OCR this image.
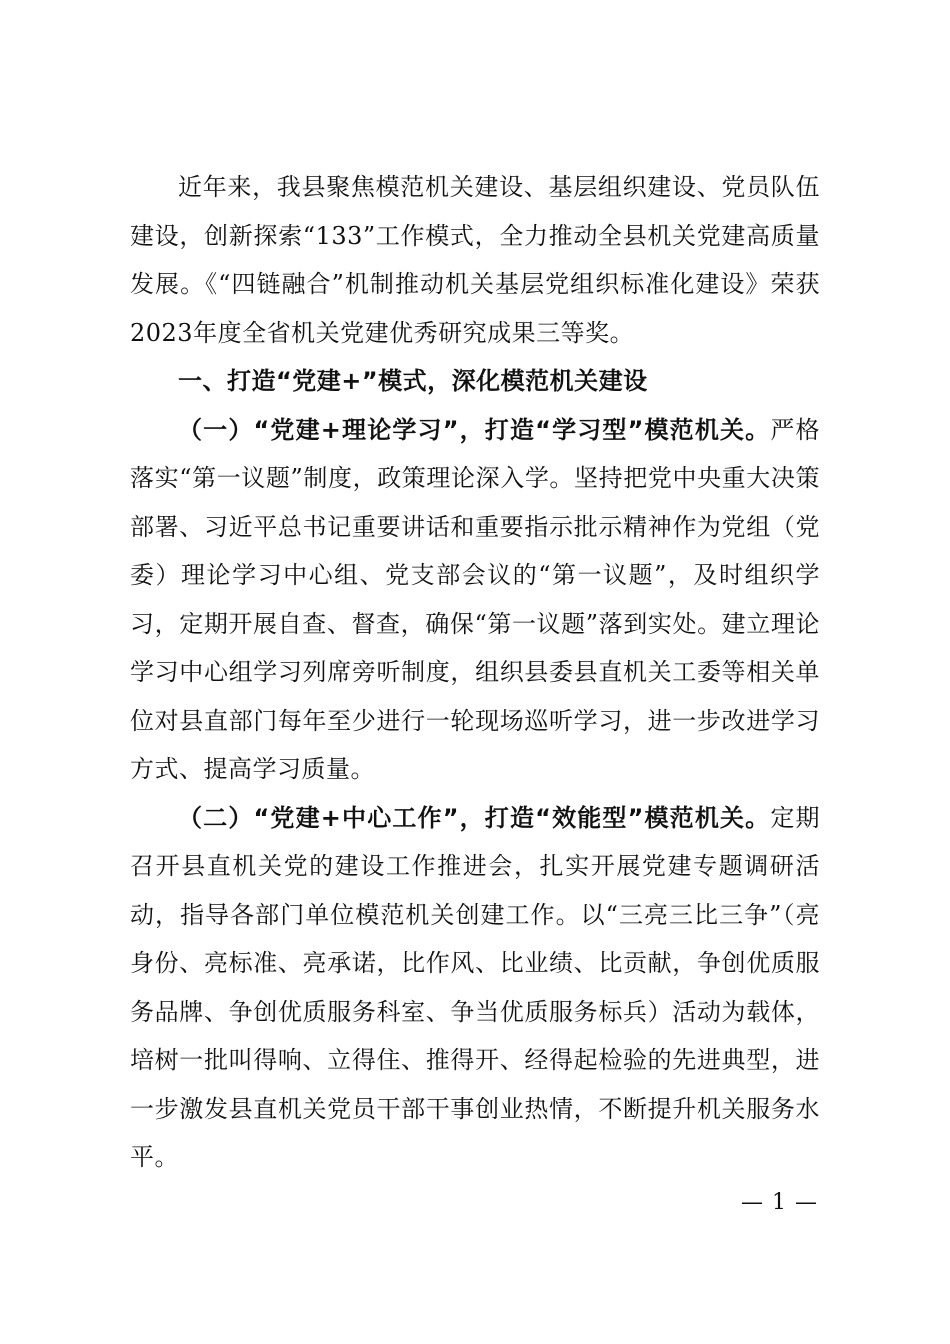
近年来，我县聚焦模范机关建设、基层组织建设、党员队伍建设，创新探索“133”工作模式，全力推动全县机关党建高质量发展。《“四链融合”机制推动机关基层党组织标准化建设》荣获2023年度全省机关党建优秀研究成果三等奖。

一、打造“党建+”模式，深化模范机关建设

（一）“党建+理论学习”，打造“学习型”模范机关。严格落实“第一议题”制度，政策理论深入学。坚持把党中央重大决策部署、习近平总书记重要讲话和重要指示批示精神作为党组（党委）理论学习中心组、党支部会议的“第一议题”，及时组织学习，定期开展自查、督查，确保“第一议题”落到实处。建立理论学习中心组学习列席旁听制度，组织县委县直机关工委等相关单位对县直部门每年至少进行一轮现场巡听学习，进一步改进学习方式、提高学习质量。

（二）“党建+中心工作”，打造“效能型”模范机关。定期召开县直机关党的建设工作推进会，扎实开展党建专题调研活动，指导各部门单位模范机关创建工作。以“三亮三比三争”（亮身份、亮标准、亮承诺，比作风、比业绩、比贡献，争创优质服务品牌、争创优质服务科室、争当优质服务标兵）活动为载体，培树一批叫得响、立得住、推得开、经得起检验的先进典型，进一步激发县直机关党员干部干事创业热情，不断提升机关服务水平。

— 1 —
